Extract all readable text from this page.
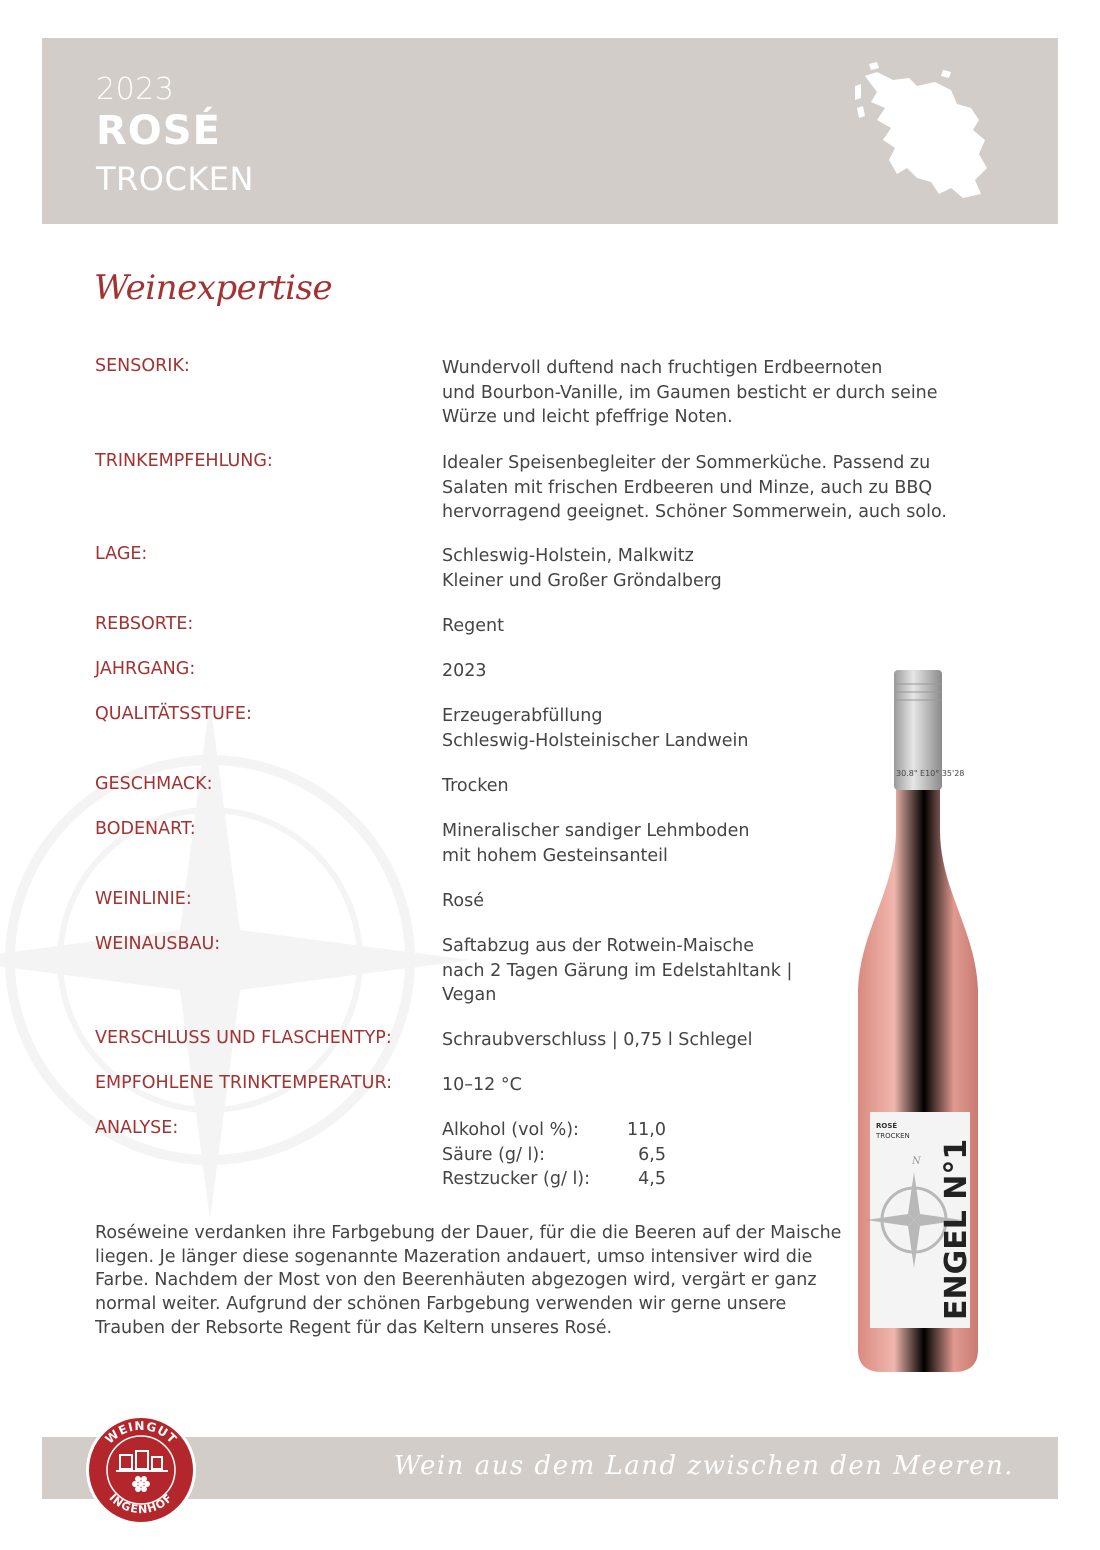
2023
ROSÉ
TROCKEN
Weinexpertise
SENSORIK:	Wundervoll duftend nach fruchtigen Erdbeernoten
und Bourbon-Vanille, im Gaumen besticht er durch seine
Würze und leicht pfeffrige Noten.
TRINKEMPFEHLUNG:	Idealer Speisenbegleiter der Sommerküche. Passend zu
Salaten mit frischen Erdbeeren und Minze, auch zu BBQ
hervorragend geeignet. Schöner Sommerwein, auch solo.
LAGE:	Schleswig-Holstein, Malkwitz
Kleiner und Großer Gröndalberg
REBSORTE:	Regent
JAHRGANG:	2023
QUALITÄTSSTUFE:	Erzeugerabfüllung
Schleswig-Holsteinischer Landwein
GESCHMACK:	Trocken
BODENART:	Mineralischer sandiger Lehmboden
mit hohem Gesteinsanteil
WEINLINIE:	Rosé
WEINAUSBAU:	Saftabzug aus der Rotwein-Maische
nach 2 Tagen Gärung im Edelstahltank |
Vegan
VERSCHLUSS UND FLASCHENTYP:	Schraubverschluss | 0,75 l Schlegel
EMPFOHLENE TRINKTEMPERATUR:	10–12 °C
ANALYSE:	Alkohol (vol %):	11,0
Säure (g/ l):	6,5
Restzucker (g/ l):	4,5
Roséweine verdanken ihre Farbgebung der Dauer, für die die Beeren auf der Maische liegen. Je länger diese sogenannte Mazeration andauert, umso intensiver wird die Farbe. Nachdem der Most von den Beerenhäuten abgezogen wird, vergärt er ganz normal weiter. Aufgrund der schönen Farbgebung verwenden wir gerne unsere Trauben der Rebsorte Regent für das Keltern unseres Rosé.
30.8" E10° 35'28
ROSÉ
TROCKEN
N ENGEL N°1
Wein aus dem Land zwischen den Meeren.
WEINGUT
INGENHOF
